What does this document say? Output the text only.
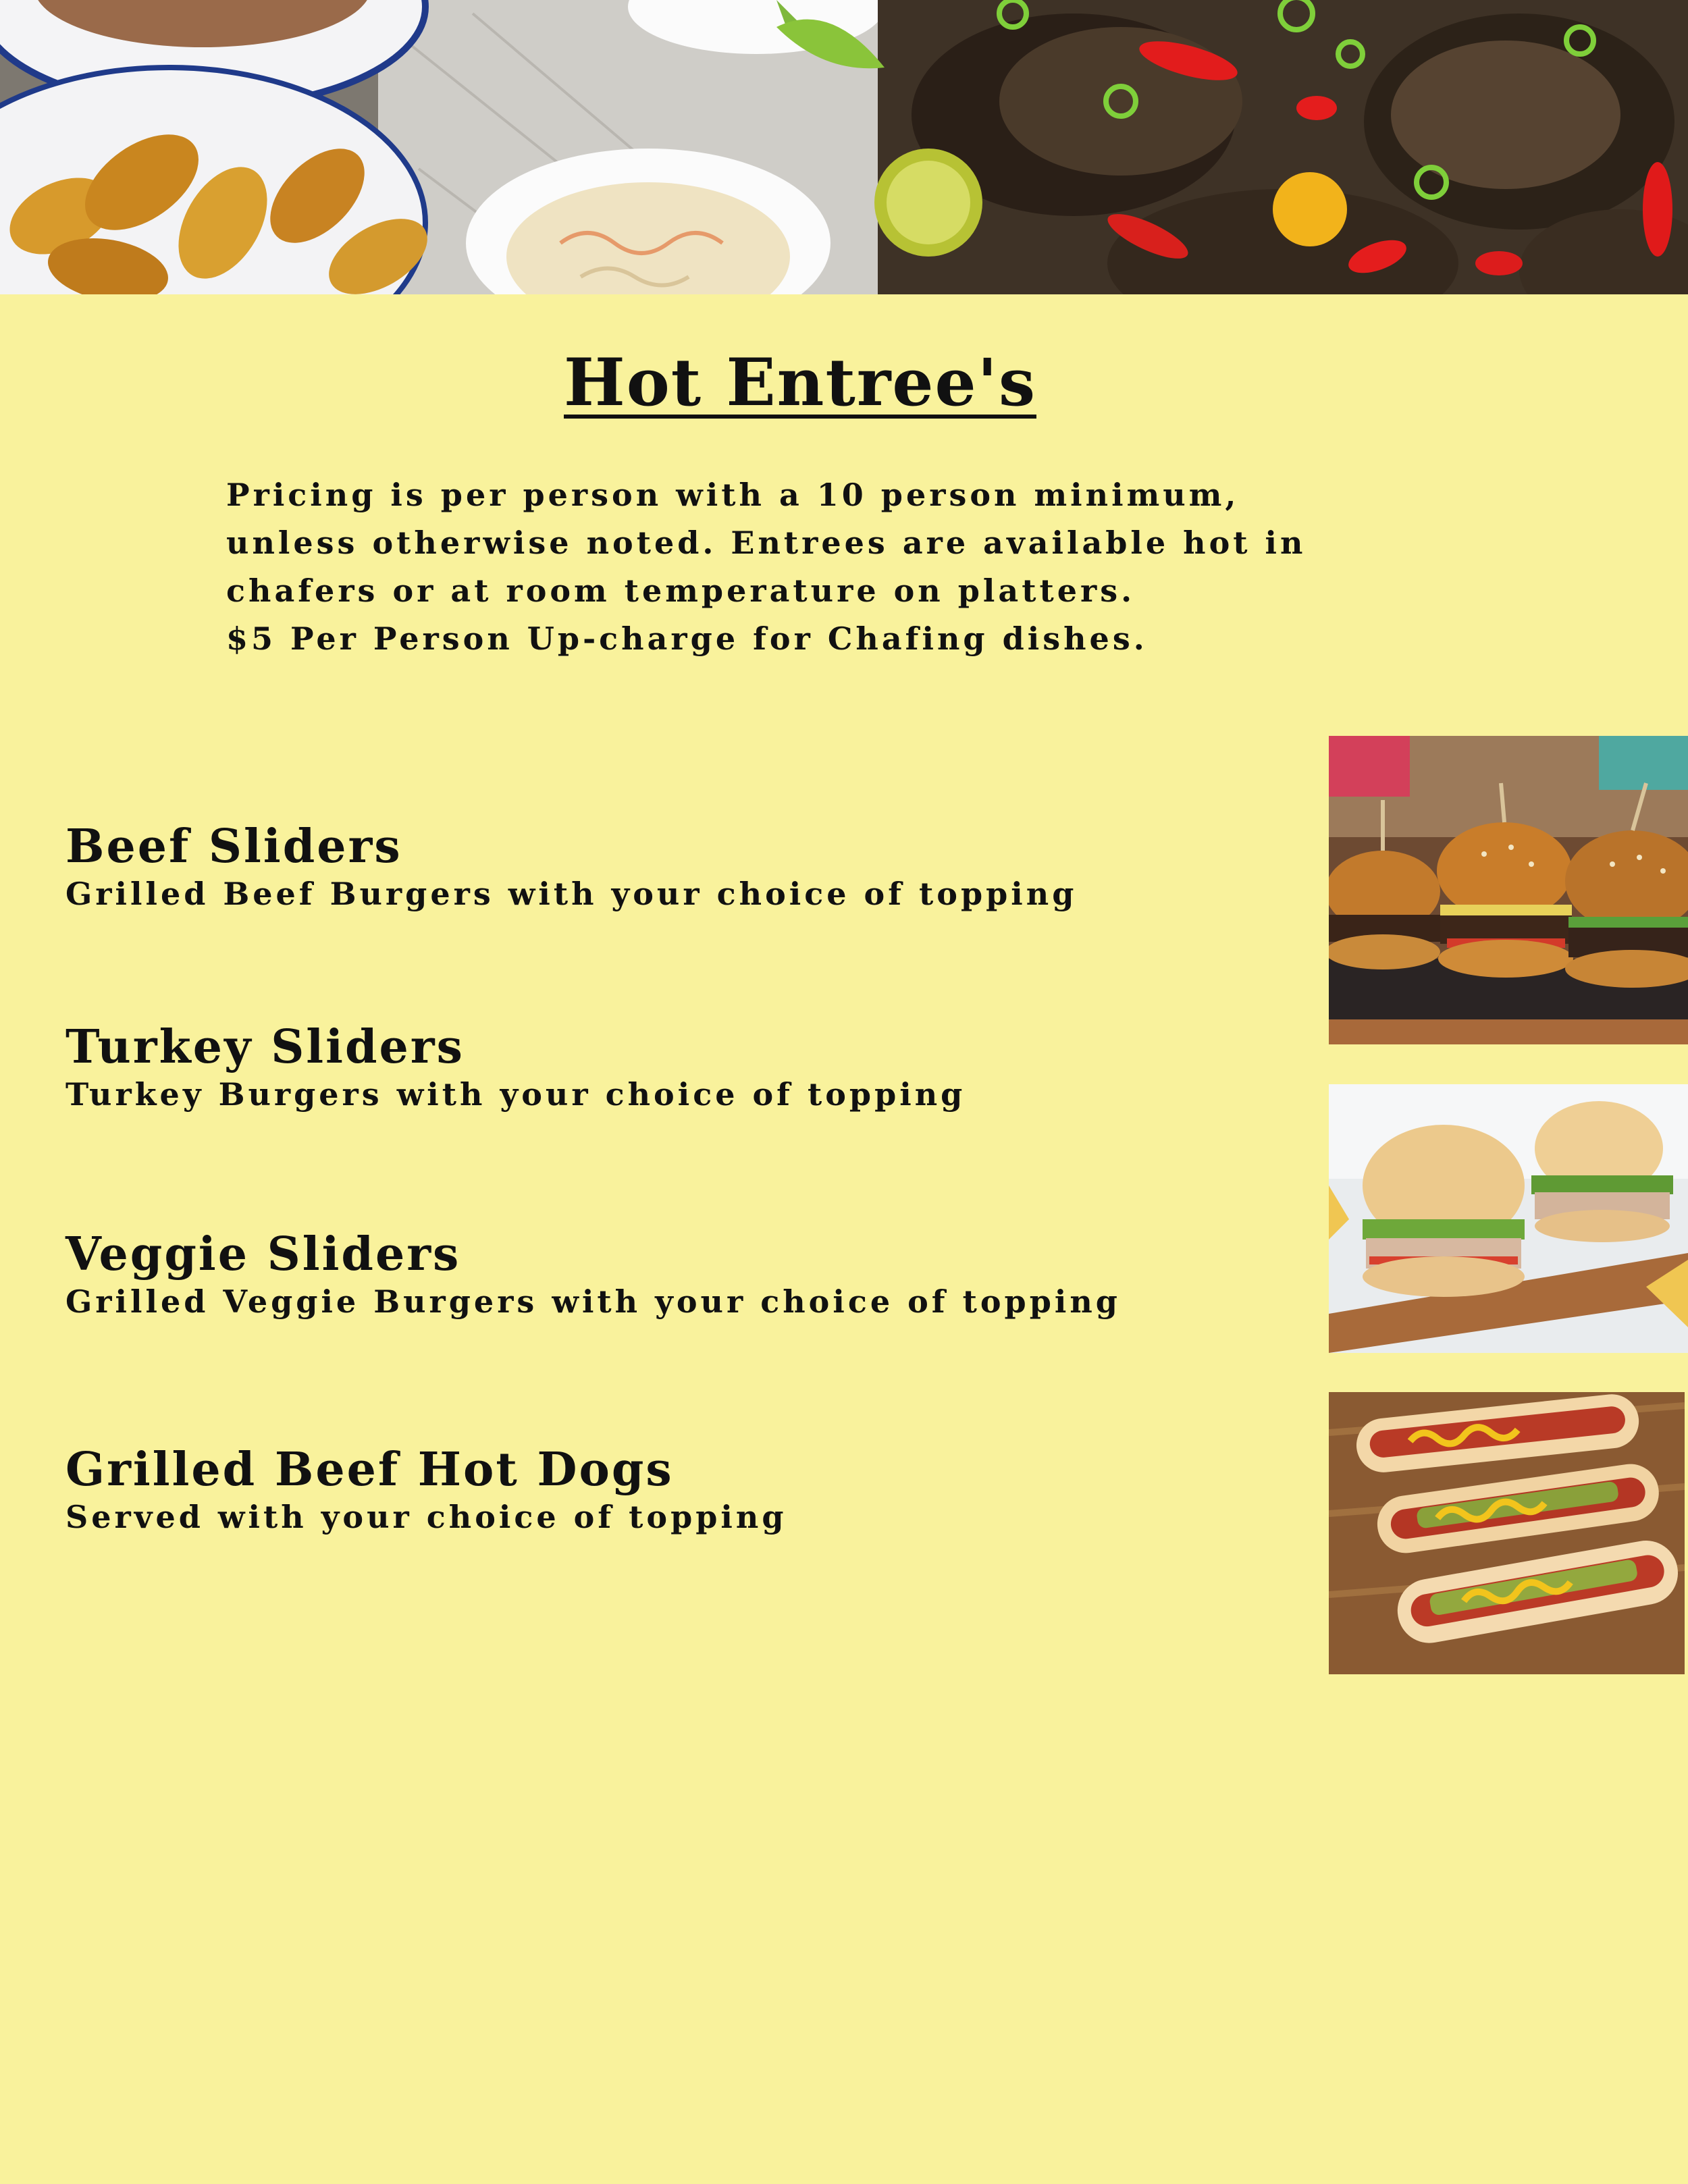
Hot Entree's
Pricing is per person with a 10 person minimum,
unless otherwise noted. Entrees are available hot in
chafers or at room temperature on platters.
$5 Per Person Up-charge for Chafing dishes.
Beef Sliders
Grilled Beef Burgers with your choice of topping
Turkey Sliders
Turkey Burgers with your choice of topping
Veggie Sliders
Grilled Veggie Burgers with your choice of topping
Grilled Beef Hot Dogs
Served with your choice of topping
